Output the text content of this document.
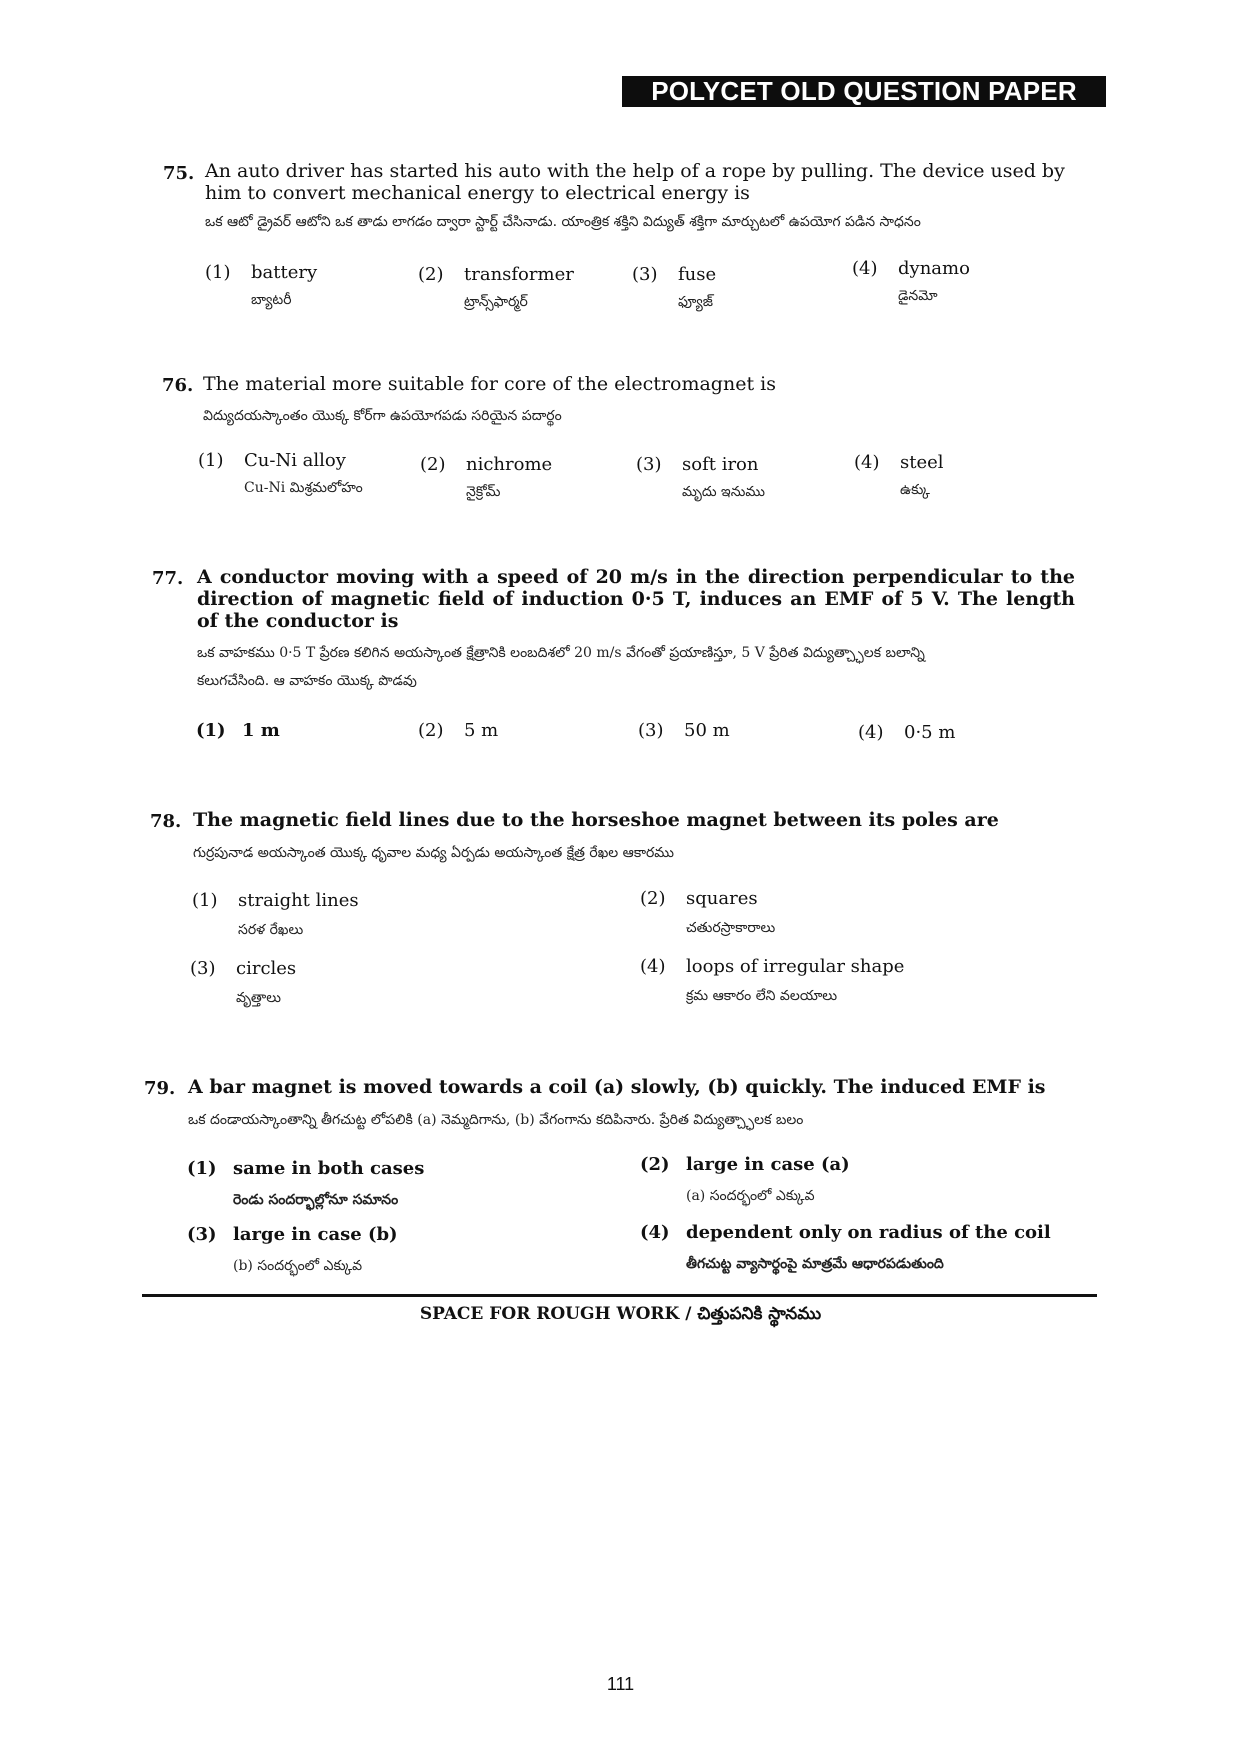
POLYCET OLD QUESTION PAPER
75. An auto driver has started his auto with the help of a rope by pulling. The device used by him to convert mechanical energy to electrical energy is
ఒక ఆటో డ్రైవర్ ఆటోని ఒక తాడు లాగడం ద్వారా స్టార్ట్ చేసినాడు. యాంత్రిక శక్తిని విద్యుత్ శక్తిగా మార్చుటలో ఉపయోగ పడిన సాధనం
(1) battery
బ్యాటరీ
(2) transformer
ట్రాన్స్‌ఫార్మర్
(3) fuse
ఫ్యూజ్
(4) dynamo
డైనమో
76. The material more suitable for core of the electromagnet is
విద్యుదయస్కాంతం యొక్క కోర్‌గా ఉపయోగపడు సరియైన పదార్థం
(1) Cu-Ni alloy
Cu-Ni మిశ్రమలోహం
(2) nichrome
నైక్రోమ్
(3) soft iron
మృదు ఇనుము
(4) steel
ఉక్కు
77. A conductor moving with a speed of 20 m/s in the direction perpendicular to the direction of magnetic field of induction 0·5 T, induces an EMF of 5 V. The length of the conductor is
ఒక వాహకము 0·5 T ప్రేరణ కలిగిన అయస్కాంత క్షేత్రానికి లంబదిశలో 20 m/s వేగంతో ప్రయాణిస్తూ, 5 V ప్రేరిత విద్యుత్చ్ఛాలక బలాన్ని
కలుగచేసింది. ఆ వాహకం యొక్క పొడవు
(1) 1 m	(2) 5 m	(3) 50 m	(4) 0·5 m
78. The magnetic field lines due to the horseshoe magnet between its poles are
గుర్రపునాడ అయస్కాంత యొక్క ధృవాల మధ్య ఏర్పడు అయస్కాంత క్షేత్ర రేఖల ఆకారము
(1) straight lines
సరళ రేఖలు
(2) squares
చతురస్రాకారాలు
(3) circles
వృత్తాలు
(4) loops of irregular shape
క్రమ ఆకారం లేని వలయాలు
79. A bar magnet is moved towards a coil (a) slowly, (b) quickly. The induced EMF is
ఒక దండాయస్కాంతాన్ని తీగచుట్ట లోపలికి (a) నెమ్మదిగాను, (b) వేగంగాను కదిపినారు. ప్రేరిత విద్యుత్చ్ఛాలక బలం
(1) same in both cases
రెండు సందర్భాల్లోనూ సమానం
(2) large in case (a)
(a) సందర్భంలో ఎక్కువ
(3) large in case (b)
(b) సందర్భంలో ఎక్కువ
(4) dependent only on radius of the coil
తీగచుట్ట వ్యాసార్థంపై మాత్రమే ఆధారపడుతుంది
SPACE FOR ROUGH WORK / చిత్తుపనికి స్థానము
111
